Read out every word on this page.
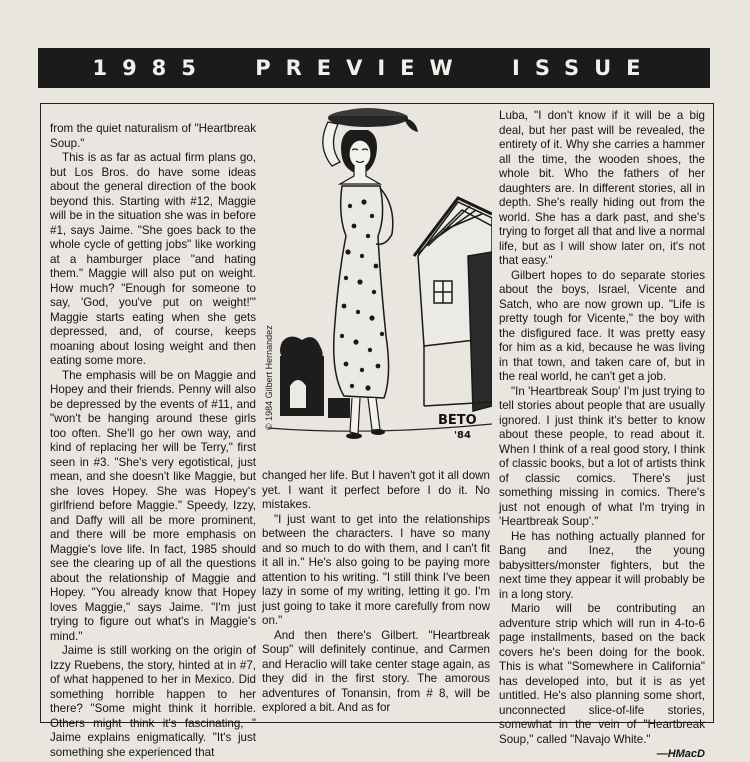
1985 PREVIEW ISSUE

from the quiet naturalism of "Heartbreak Soup."

This is as far as actual firm plans go, but Los Bros. do have some ideas about the general direction of the book beyond this. Starting with #12, Maggie will be in the situation she was in before #1, says Jaime. "She goes back to the whole cycle of getting jobs" like working at a hamburger place "and hating them." Maggie will also put on weight. How much? "Enough for someone to say, 'God, you've put on weight!'" Maggie starts eating when she gets depressed, and, of course, keeps moaning about losing weight and then eating some more.

The emphasis will be on Maggie and Hopey and their friends. Penny will also be depressed by the events of #11, and "won't be hanging around these girls too often. She'll go her own way, and kind of replacing her will be Terry," first seen in #3. "She's very egotistical, just mean, and she doesn't like Maggie, but she loves Hopey. She was Hopey's girlfriend before Maggie." Speedy, Izzy, and Daffy will all be more prominent, and there will be more emphasis on Maggie's love life. In fact, 1985 should see the clearing up of all the questions about the relationship of Maggie and Hopey. "You already know that Hopey loves Maggie," says Jaime. "I'm just trying to figure out what's in Maggie's mind."

Jaime is still working on the origin of Izzy Ruebens, the story, hinted at in #7, of what happened to her in Mexico. Did something horrible happen to her there? "Some might think it horrible. Others might think it's fascinating, " Jaime explains enigmatically. "It's just something she experienced that

BETO
'84
© 1984 Gilbert Hernandez

changed her life. But I haven't got it all down yet. I want it perfect before I do it. No mistakes.

"I just want to get into the relationships between the characters. I have so many and so much to do with them, and I can't fit it all in." He's also going to be paying more attention to his writing. "I still think I've been lazy in some of my writing, letting it go. I'm just going to take it more carefully from now on."

And then there's Gilbert. "Heartbreak Soup" will definitely continue, and Carmen and Heraclio will take center stage again, as they did in the first story. The amorous adventures of Tonansin, from # 8, will be explored a bit. And as for

Luba, "I don't know if it will be a big deal, but her past will be revealed, the entirety of it. Why she carries a hammer all the time, the wooden shoes, the whole bit. Who the fathers of her daughters are. In different stories, all in depth. She's really hiding out from the world. She has a dark past, and she's trying to forget all that and live a normal life, but as I will show later on, it's not that easy."

Gilbert hopes to do separate stories about the boys, Israel, Vicente and Satch, who are now grown up. "Life is pretty tough for Vicente," the boy with the disfigured face. It was pretty easy for him as a kid, because he was living in that town, and taken care of, but in the real world, he can't get a job.

"In 'Heartbreak Soup' I'm just trying to tell stories about people that are usually ignored. I just think it's better to know about these people, to read about it. When I think of a real good story, I think of classic books, but a lot of artists think of classic comics. There's just something missing in comics. There's just not enough of what I'm trying in 'Heartbreak Soup'."

He has nothing actually planned for Bang and Inez, the young babysitters/monster fighters, but the next time they appear it will probably be in a long story.

Mario will be contributing an adventure strip which will run in 4-to-6 page installments, based on the back covers he's been doing for the book. This is what "Somewhere in California" has developed into, but it is as yet untitled. He's also planning some short, unconnected slice-of-life stories, somewhat in the vein of "Heartbreak Soup," called "Navajo White."

—HMacD
